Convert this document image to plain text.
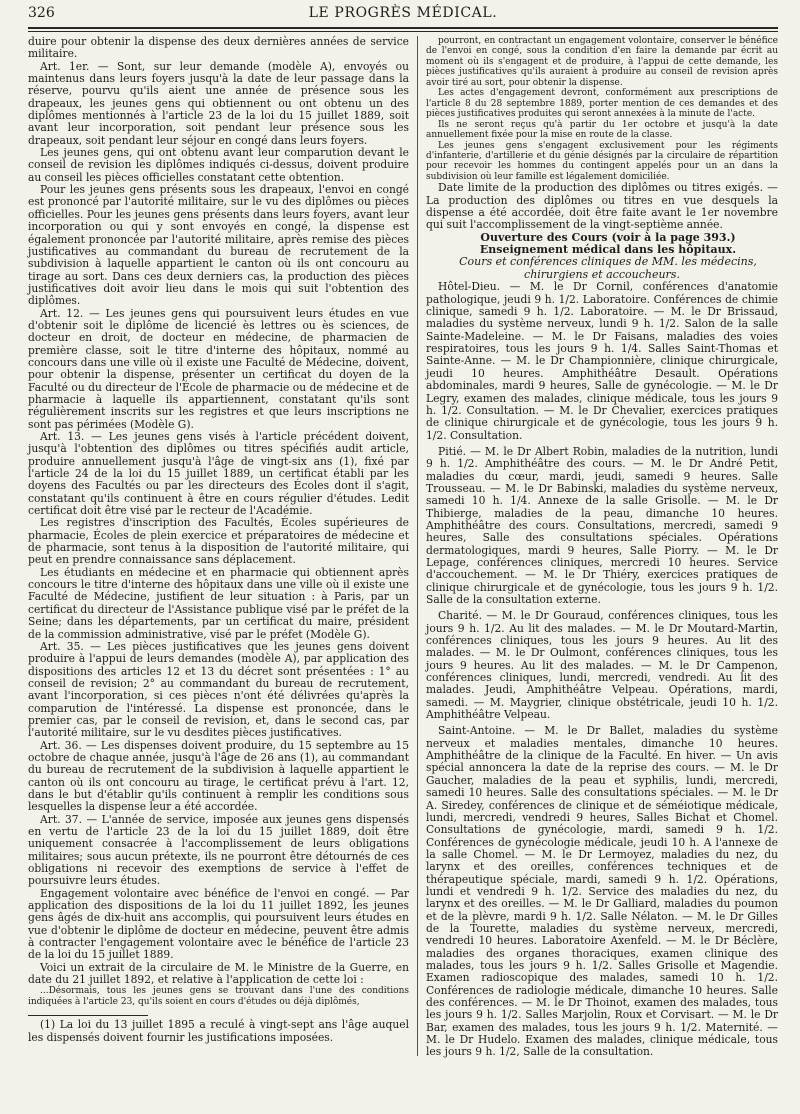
326	LE PROGRÈS MÉDICAL.

duire pour obtenir la dispense des deux dernières années de service militaire.

Art. 1er. — Sont, sur leur demande (modèle A), envoyés ou maintenus dans leurs foyers jusqu'à la date de leur passage dans la réserve, pourvu qu'ils aient une année de présence sous les drapeaux, les jeunes gens qui obtiennent ou ont obtenu un des diplômes mentionnés à l'article 23 de la loi du 15 juillet 1889, soit avant leur incorporation, soit pendant leur présence sous les drapeaux, soit pendant leur séjour en congé dans leurs foyers.

Les jeunes gens, qui ont obtenu avant leur comparution devant le conseil de revision les diplômes indiqués ci-dessus, doivent produire au conseil les pièces officielles constatant cette obtention.

Pour les jeunes gens présents sous les drapeaux, l'envoi en congé est prononcé par l'autorité militaire, sur le vu des diplômes ou pièces officielles. Pour les jeunes gens présents dans leurs foyers, avant leur incorporation ou qui y sont envoyés en congé, la dispense est également prononcée par l'autorité militaire, après remise des pièces justificatives au commandant du bureau de recrutement de la subdivision à laquelle appartient le canton où ils ont concouru au tirage au sort. Dans ces deux derniers cas, la production des pièces justificatives doit avoir lieu dans le mois qui suit l'obtention des diplômes.

Art. 12. — Les jeunes gens qui poursuivent leurs études en vue d'obtenir soit le diplôme de licencié ès lettres ou ès sciences, de docteur en droit, de docteur en médecine, de pharmacien de première classe, soit le titre d'interne des hôpitaux, nommé au concours dans une ville où il existe une Faculté de Médecine, doivent, pour obtenir la dispense, présenter un certificat du doyen de la Faculté ou du directeur de l'École de pharmacie ou de médecine et de pharmacie à laquelle ils appartiennent, constatant qu'ils sont régulièrement inscrits sur les registres et que leurs inscriptions ne sont pas périmées (Modèle G).

Art. 13. — Les jeunes gens visés à l'article précédent doivent, jusqu'à l'obtention des diplômes ou titres spécifiés audit article, produire annuellement jusqu'à l'âge de vingt-six ans (1), fixé par l'article 24 de la loi du 15 juillet 1889, un certificat établi par les doyens des Facultés ou par les directeurs des Écoles dont il s'agit, constatant qu'ils continuent à être en cours régulier d'études. Ledit certificat doit être visé par le recteur de l'Académie.

Les registres d'inscription des Facultés, Écoles supérieures de pharmacie, Écoles de plein exercice et préparatoires de médecine et de pharmacie, sont tenus à la disposition de l'autorité militaire, qui peut en prendre connaissance sans déplacement.

Les étudiants en médecine et en pharmacie qui obtiennent après concours le titre d'interne des hôpitaux dans une ville où il existe une Faculté de Médecine, justifient de leur situation : à Paris, par un certificat du directeur de l'Assistance publique visé par le préfet de la Seine; dans les départements, par un certificat du maire, président de la commission administrative, visé par le préfet (Modèle G).

Art. 35. — Les pièces justificatives que les jeunes gens doivent produire à l'appui de leurs demandes (modèle A), par application des dispositions des articles 12 et 13 du décret sont présentées : 1° au conseil de revision; 2° au commandant du bureau de recrutement, avant l'incorporation, si ces pièces n'ont été délivrées qu'après la comparution de l'intéressé. La dispense est prononcée, dans le premier cas, par le conseil de revision, et, dans le second cas, par l'autorité militaire, sur le vu desdites pièces justificatives.

Art. 36. — Les dispenses doivent produire, du 15 septembre au 15 octobre de chaque année, jusqu'à l'âge de 26 ans (1), au commandant du bureau de recrutement de la subdivision à laquelle appartient le canton où ils ont concouru au tirage, le certificat prévu à l'art. 12, dans le but d'établir qu'ils continuent à remplir les conditions sous lesquelles la dispense leur a été accordée.

Art. 37. — L'année de service, imposée aux jeunes gens dispensés en vertu de l'article 23 de la loi du 15 juillet 1889, doit être uniquement consacrée à l'accomplissement de leurs obligations militaires; sous aucun prétexte, ils ne pourront être détournés de ces obligations ni recevoir des exemptions de service à l'effet de poursuivre leurs études.

Engagement volontaire avec bénéfice de l'envoi en congé. — Par application des dispositions de la loi du 11 juillet 1892, les jeunes gens âgés de dix-huit ans accomplis, qui poursuivent leurs études en vue d'obtenir le diplôme de docteur en médecine, peuvent être admis à contracter l'engagement volontaire avec le bénéfice de l'article 23 de la loi du 15 juillet 1889.

Voici un extrait de la circulaire de M. le Ministre de la Guerre, en date du 21 juillet 1892, et relative à l'application de cette loi :

...Désormais, tous les jeunes gens se trouvant dans l'une des conditions indiquées à l'article 23, qu'ils soient en cours d'études ou déjà diplômés,

(1) La loi du 13 juillet 1895 a reculé à vingt-sept ans l'âge auquel les dispensés doivent fournir les justifications imposées.

pourront, en contractant un engagement volontaire, conserver le bénéfice de l'envoi en congé, sous la condition d'en faire la demande par écrit au moment où ils s'engagent et de produire, à l'appui de cette demande, les pièces justificatives qu'ils auraient à produire au conseil de revision après avoir tiré au sort, pour obtenir la dispense.

Les actes d'engagement devront, conformément aux prescriptions de l'article 8 du 28 septembre 1889, porter mention de ces demandes et des pièces justificatives produites qui seront annexées à la minute de l'acte.

Ils ne seront reçus qu'à partir du 1er octobre et jusqu'à la date annuellement fixée pour la mise en route de la classe.

Les jeunes gens s'engagent exclusivement pour les régiments d'infanterie, d'artillerie et du génie désignés par la circulaire de répartition pour recevoir les hommes du contingent appelés pour un an dans la subdivision où leur famille est légalement domiciliée.

Date limite de la production des diplômes ou titres exigés. — La production des diplômes ou titres en vue desquels la dispense a été accordée, doit être faite avant le 1er novembre qui suit l'accomplissement de la vingt-septième année.

Ouverture des Cours (voir à la page 393.)

Enseignement médical dans les hôpitaux.

Cours et conférences cliniques de MM. les médecins, chirurgiens et accoucheurs.

Hôtel-Dieu. — M. le Dr Cornil, conférences d'anatomie pathologique, jeudi 9 h. 1/2. Laboratoire. Conférences de chimie clinique, samedi 9 h. 1/2. Laboratoire. — M. le Dr Brissaud, maladies du système nerveux, lundi 9 h. 1/2. Salon de la salle Sainte-Madeleine. — M. le Dr Faisans, maladies des voies respiratoires, tous les jours 9 h. 1/4. Salles Saint-Thomas et Sainte-Anne. — M. le Dr Championnière, clinique chirurgicale, jeudi 10 heures. Amphithéâtre Desault. Opérations abdominales, mardi 9 heures, Salle de gynécologie. — M. le Dr Legry, examen des malades, clinique médicale, tous les jours 9 h. 1/2. Consultation. — M. le Dr Chevalier, exercices pratiques de clinique chirurgicale et de gynécologie, tous les jours 9 h. 1/2. Consultation.

Pitié. — M. le Dr Albert Robin, maladies de la nutrition, lundi 9 h. 1/2. Amphithéâtre des cours. — M. le Dr André Petit, maladies du cœur, mardi, jeudi, samedi 9 heures. Salle Trousseau. — M. le Dr Babinski, maladies du système nerveux, samedi 10 h. 1/4. Annexe de la salle Grisolle. — M. le Dr Thibierge, maladies de la peau, dimanche 10 heures. Amphithéâtre des cours. Consultations, mercredi, samedi 9 heures, Salle des consultations spéciales. Opérations dermatologiques, mardi 9 heures, Salle Piorry. — M. le Dr Lepage, conférences cliniques, mercredi 10 heures. Service d'accouchement. — M. le Dr Thiéry, exercices pratiques de clinique chirurgicale et de gynécologie, tous les jours 9 h. 1/2. Salle de la consultation externe.

Charité. — M. le Dr Gouraud, conférences cliniques, tous les jours 9 h. 1/2. Au lit des malades. — M. le Dr Moutard-Martin, conférences cliniques, tous les jours 9 heures. Au lit des malades. — M. le Dr Oulmont, conférences cliniques, tous les jours 9 heures. Au lit des malades. — M. le Dr Campenon, conférences cliniques, lundi, mercredi, vendredi. Au lit des malades. Jeudi, Amphithéâtre Velpeau. Opérations, mardi, samedi. — M. Maygrier, clinique obstétricale, jeudi 10 h. 1/2. Amphithéâtre Velpeau.

Saint-Antoine. — M. le Dr Ballet, maladies du système nerveux et maladies mentales, dimanche 10 heures. Amphithéâtre de la clinique de la Faculté. En hiver. — Un avis spécial annoncera la date de la reprise des cours. — M. le Dr Gaucher, maladies de la peau et syphilis, lundi, mercredi, samedi 10 heures. Salle des consultations spéciales. — M. le Dr A. Siredey, conférences de clinique et de séméiotique médicale, lundi, mercredi, vendredi 9 heures, Salles Bichat et Chomel. Consultations de gynécologie, mardi, samedi 9 h. 1/2. Conférences de gynécologie médicale, jeudi 10 h. A l'annexe de la salle Chomel. — M. le Dr Lermoyez, maladies du nez, du larynx et des oreilles, conférences techniques et de thérapeutique spéciale, mardi, samedi 9 h. 1/2. Opérations, lundi et vendredi 9 h. 1/2. Service des maladies du nez, du larynx et des oreilles. — M. le Dr Galliard, maladies du poumon et de la plèvre, mardi 9 h. 1/2. Salle Nélaton. — M. le Dr Gilles de la Tourette, maladies du système nerveux, mercredi, vendredi 10 heures. Laboratoire Axenfeld. — M. le Dr Béclère, maladies des organes thoraciques, examen clinique des malades, tous les jours 9 h. 1/2. Salles Grisolle et Magendie. Examen radioscopique des malades, samedi 10 h. 1/2. Conférences de radiologie médicale, dimanche 10 heures. Salle des conférences. — M. le Dr Thoinot, examen des malades, tous les jours 9 h. 1/2. Salles Marjolin, Roux et Corvisart. — M. le Dr Bar, examen des malades, tous les jours 9 h. 1/2. Maternité. — M. le Dr Hudelo. Examen des malades, clinique médicale, tous les jours 9 h. 1/2, Salle de la consultation.
